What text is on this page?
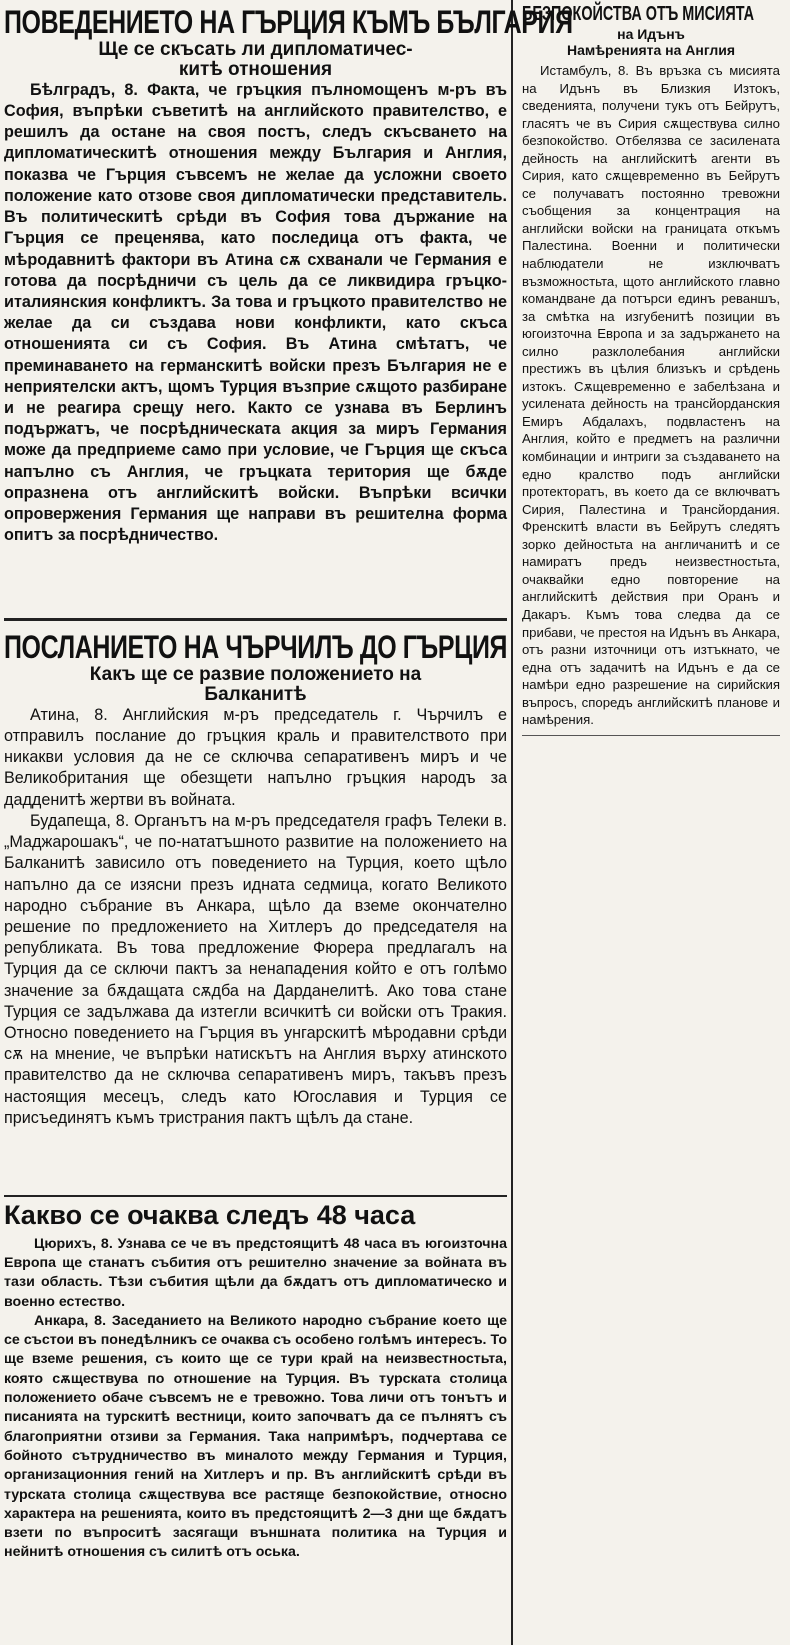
ПОВЕДЕНИЕТО НА ГЪРЦИЯ КЪМЪ БЪЛГАРИЯ
Ще се скъсать ли дипломатичес-
китѣ отношения

Бѣлградъ, 8. Факта, че гръцкия пълномощенъ м-ръ въ София, въпрѣки съветитѣ на английското правителство, е решилъ да остане на своя постъ, следъ скъсването на дипломатическитѣ отношения между България и Англия, показва че Гърция съвсемъ не желае да усложни своето положение като отзове своя дипломатически представитель. Въ политическитѣ срѣди въ София това държание на Гърция се преценява, като последица отъ факта, че мѣродавнитѣ фактори въ Атина сѫ схванали че Германия е готова да посрѣдничи съ цель да се ликвидира гръцко-италиянския конфликтъ. За това и гръцкото правителство не желае да си създава нови конфликти, като скъса отношенията си съ София. Въ Атина смѣтатъ, че преминаването на германскитѣ войски презъ България не е неприятелски актъ, щомъ Турция възприе сѫщото разбиране и не реагира срещу него. Както се узнава въ Берлинъ подържатъ, че посрѣдническата акция за миръ Германия може да предприеме само при условие, че Гърция ще скъса напълно съ Англия, че гръцката територия ще бѫде опразнена отъ английскитѣ войски. Въпрѣки всички опровержения Германия ще направи въ решителна форма опитъ за посрѣдничество.

ПОСЛАНИЕТО НА ЧЪРЧИЛЪ ДО ГЪРЦИЯ
Какъ ще се развие положението на
Балканитѣ

Атина, 8. Английския м-ръ председатель г. Чърчилъ е отправилъ послание до гръцкия краль и правителството при никакви условия да не се сключва сепаративенъ миръ и че Великобритания ще обезщети напълно гръцкия народъ за дадденитѣ жертви въ войната.

Будапеща, 8. Органътъ на м-ръ председателя графъ Телеки в. „Маджарошакъ“, че по-нататъшното развитие на положението на Балканитѣ зависило отъ поведението на Турция, което щѣло напълно да се изясни презъ идната седмица, когато Великото народно събрание въ Анкара, щѣло да вземе окончателно решение по предложението на Хитлеръ до председателя на републиката. Въ това предложение Фюрера предлагалъ на Турция да се сключи пактъ за ненападения който е отъ голѣмо значение за бѫдащата сѫдба на Дарданелитѣ. Ако това стане Турция се задължава да изтегли всичкитѣ си войски отъ Тракия. Относно поведението на Гърция въ унгарскитѣ мѣродавни срѣди сѫ на мнение, че въпрѣки натискътъ на Англия върху атинското правителство да не сключва сепаративенъ миръ, такъвъ презъ настоящия месецъ, следъ като Югославия и Турция се присъединятъ къмъ тристрания пактъ щѣлъ да стане.

Какво се очаква следъ 48 часа

Цюрихъ, 8. Узнава се че въ предстоящитѣ 48 часа въ югоизточна Европа ще станатъ събития отъ решително значение за войната въ тази область. Тѣзи събития щѣли да бѫдатъ отъ дипломатическо и военно естество.

Анкара, 8. Заседанието на Великото народно събрание което ще се състои въ понедѣлникъ се очаква съ особено голѣмъ интересъ. То ще вземе решения, съ които ще се тури край на неизвестностьта, която сѫществува по отношение на Турция. Въ турската столица положението обаче съвсемъ не е тревожно. Това личи отъ тонътъ и писанията на турскитѣ вестници, които започватъ да се пълнятъ съ благоприятни отзиви за Германия. Така напримѣръ, подчертава се бойното сътрудничество въ миналото между Германия и Турция, организационния гений на Хитлеръ и пр. Въ английскитѣ срѣди въ турската столица сѫществува все растяще безпокойствие, относно характера на решенията, които въ предстоящитѣ 2—3 дни ще бѫдатъ взети по въпроситѣ засягащи външната политика на Турция и нейнитѣ отношения съ силитѣ отъ оська.

БЕЗПОКОЙСТВА ОТЪ МИСИЯТА
на Идънъ
Намѣренията на Англия

Истамбулъ, 8. Въ връзка съ мисията на Идънъ въ Близкия Изтокъ, сведенията, получени тукъ отъ Бейрутъ, гласятъ че въ Сирия сѫществува силно безпокойство. Отбелязва се засилената дейность на английскитѣ агенти въ Сирия, като сѫщевременно въ Бейрутъ се получаватъ постоянно тревожни съобщения за концентрация на английски войски на границата откъмъ Палестина. Военни и политически наблюдатели не изключватъ възможностьта, щото английското главно командване да потърси единъ реваншъ, за смѣтка на изгубенитѣ позиции въ югоизточна Европа и за задържането на силно разклолебания английски престижъ въ цѣлия близъкъ и срѣдень изтокъ. Сѫщевременно е забелѣзана и усилената дейность на трансйорданския Емиръ Абдалахъ, подвластенъ на Англия, който е предметъ на различни комбинации и интриги за създаването на едно кралство подъ английски протекторатъ, въ което да се включватъ Сирия, Палестина и Трансйордания. Френскитѣ власти въ Бейрутъ следятъ зорко дейностьта на англичанитѣ и се намиратъ предъ неизвестностьта, очаквайки едно повторение на английскитѣ действия при Оранъ и Дакаръ. Къмъ това следва да се прибави, че престоя на Идънъ въ Анкара, отъ разни източници отъ изтъкнато, че една отъ задачитѣ на Идънъ е да се намѣри едно разрешение на сирийския въпросъ, споредъ английскитѣ планове и намѣрения.
